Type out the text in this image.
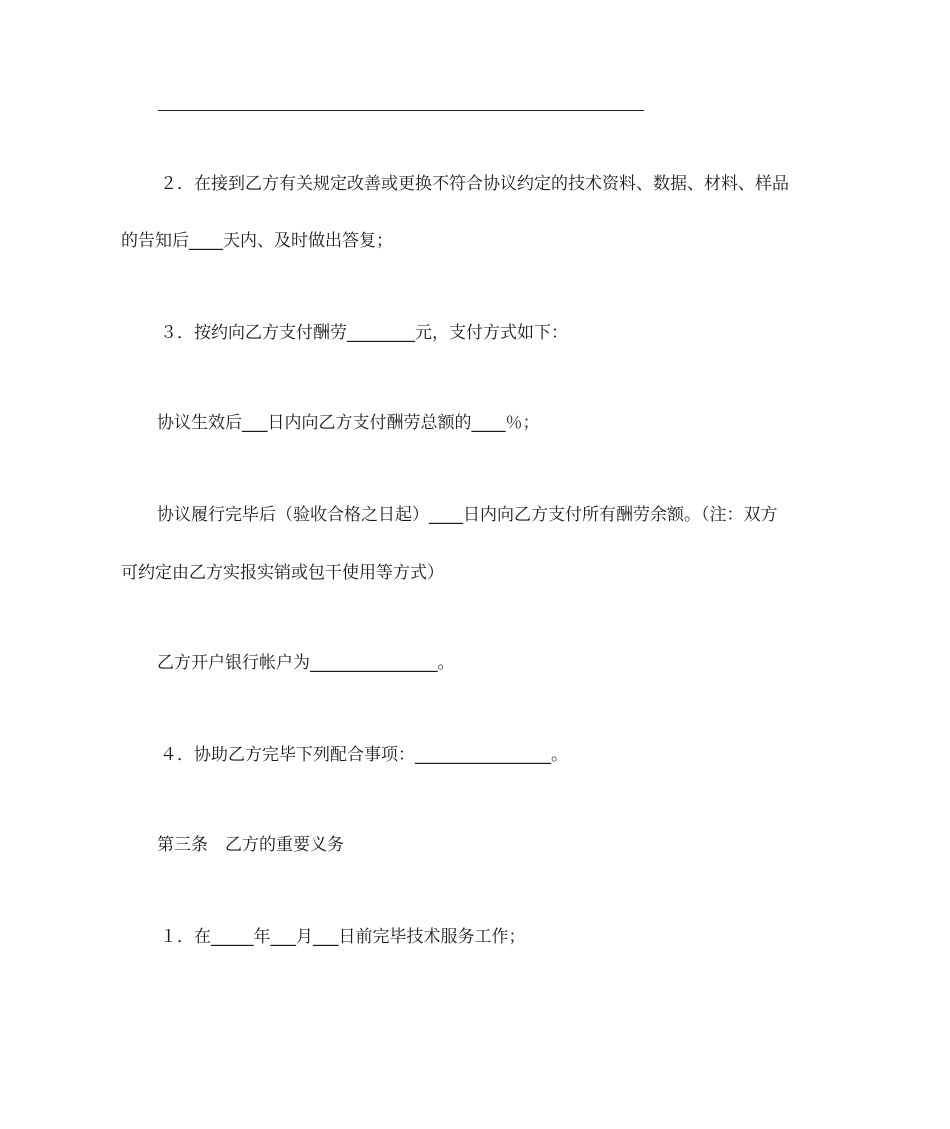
２．在接到乙方有关规定改善或更换不符合协议约定的技术资料、数据、材料、样品
的告知后____天内、及时做出答复；
３．按约向乙方支付酬劳________元，支付方式如下：
协议生效后___日内向乙方支付酬劳总额的____％；
协议履行完毕后（验收合格之日起）____日内向乙方支付所有酬劳余额。（注：双方
可约定由乙方实报实销或包干使用等方式）
乙方开户银行帐户为_______________。
４．协助乙方完毕下列配合事项：________________。
第三条　乙方的重要义务
１．在_____年___月___日前完毕技术服务工作；
